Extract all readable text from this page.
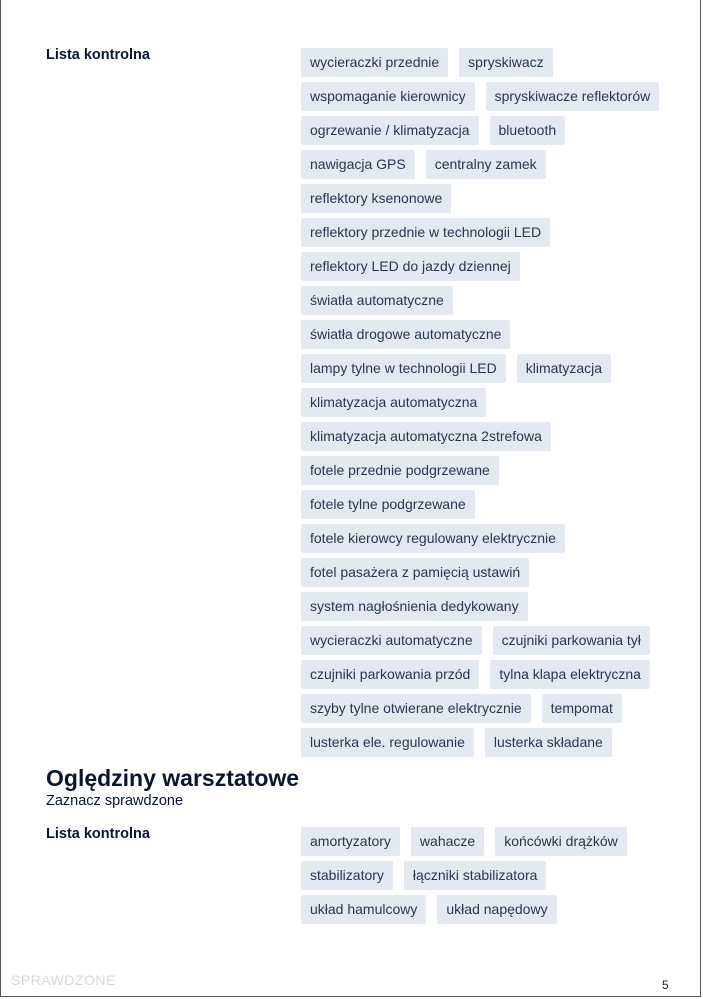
Lista kontrolna	wycieraczki przednie	spryskiwacz
wspomaganie kierownicy	spryskiwacze reflektorów
ogrzewanie / klimatyzacja	bluetooth
nawigacja GPS	centralny zamek
reflektory ksenonowe
reflektory przednie w technologii LED
reflektory LED do jazdy dziennej
światła automatyczne
światła drogowe automatyczne
lampy tylne w technologii LED	klimatyzacja
klimatyzacja automatyczna
klimatyzacja automatyczna 2strefowa
fotele przednie podgrzewane
fotele tylne podgrzewane
fotele kierowcy regulowany elektrycznie
fotel pasażera z pamięcią ustawiń
system nagłośnienia dedykowany
wycieraczki automatyczne	czujniki parkowania tył
czujniki parkowania przód	tylna klapa elektryczna
szyby tylne otwierane elektrycznie	tempomat
lusterka ele. regulowanie	lusterka składane
Oględziny warsztatowe
Zaznacz sprawdzone
Lista kontrolna	amortyzatory	wahacze	końcówki drążków
stabilizatory	łączniki stabilizatora
układ hamulcowy	układ napędowy
SPRAWDZONE	5
